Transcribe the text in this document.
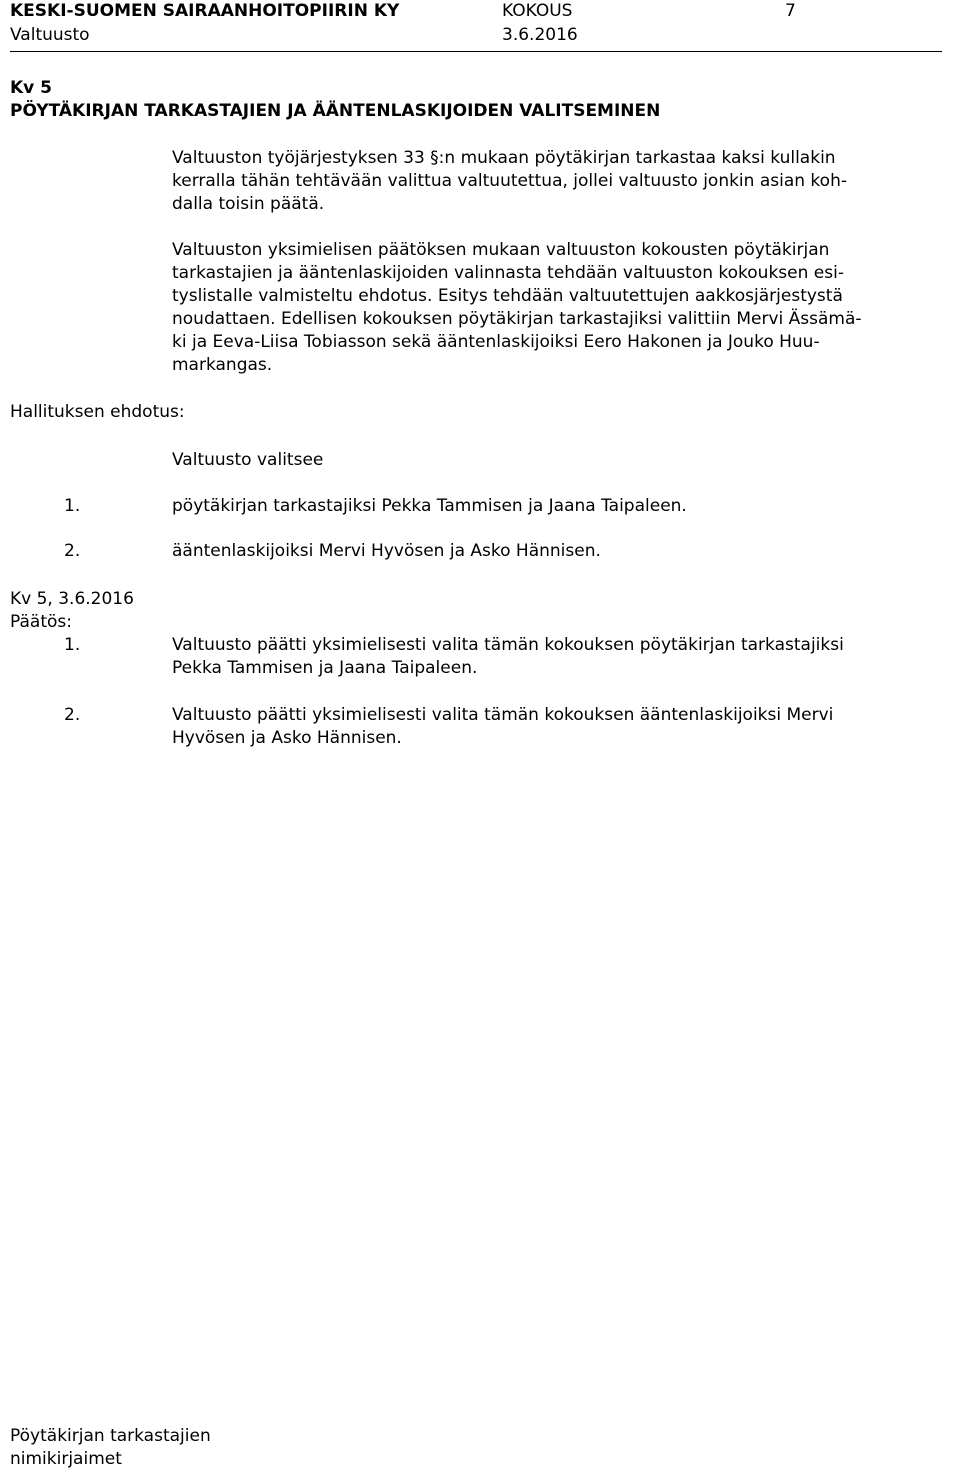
KESKI-SUOMEN SAIRAANHOITOPIIRIN KY	KOKOUS	7
Valtuusto	3.6.2016
Kv 5
PÖYTÄKIRJAN TARKASTAJIEN JA ÄÄNTENLASKIJOIDEN VALITSEMINEN
Valtuuston työjärjestyksen 33 §:n mukaan pöytäkirjan tarkastaa kaksi kullakin
kerralla tähän tehtävään valittua valtuutettua, jollei valtuusto jonkin asian koh-
dalla toisin päätä.
Valtuuston yksimielisen päätöksen mukaan valtuuston kokousten pöytäkirjan
tarkastajien ja ääntenlaskijoiden valinnasta tehdään valtuuston kokouksen esi-
tyslistalle valmisteltu ehdotus. Esitys tehdään valtuutettujen aakkosjärjestystä
noudattaen. Edellisen kokouksen pöytäkirjan tarkastajiksi valittiin Mervi Ässämä-
ki ja Eeva-Liisa Tobiasson sekä ääntenlaskijoiksi Eero Hakonen ja Jouko Huu-
markangas.
Hallituksen ehdotus:
Valtuusto valitsee
1.	pöytäkirjan tarkastajiksi Pekka Tammisen ja Jaana Taipaleen.
2.	ääntenlaskijoiksi Mervi Hyvösen ja Asko Hännisen.
Kv 5, 3.6.2016
Päätös:
1.	Valtuusto päätti yksimielisesti valita tämän kokouksen pöytäkirjan tarkastajiksi
Pekka Tammisen ja Jaana Taipaleen.
2.	Valtuusto päätti yksimielisesti valita tämän kokouksen ääntenlaskijoiksi Mervi
Hyvösen ja Asko Hännisen.
Pöytäkirjan tarkastajien
nimikirjaimet
